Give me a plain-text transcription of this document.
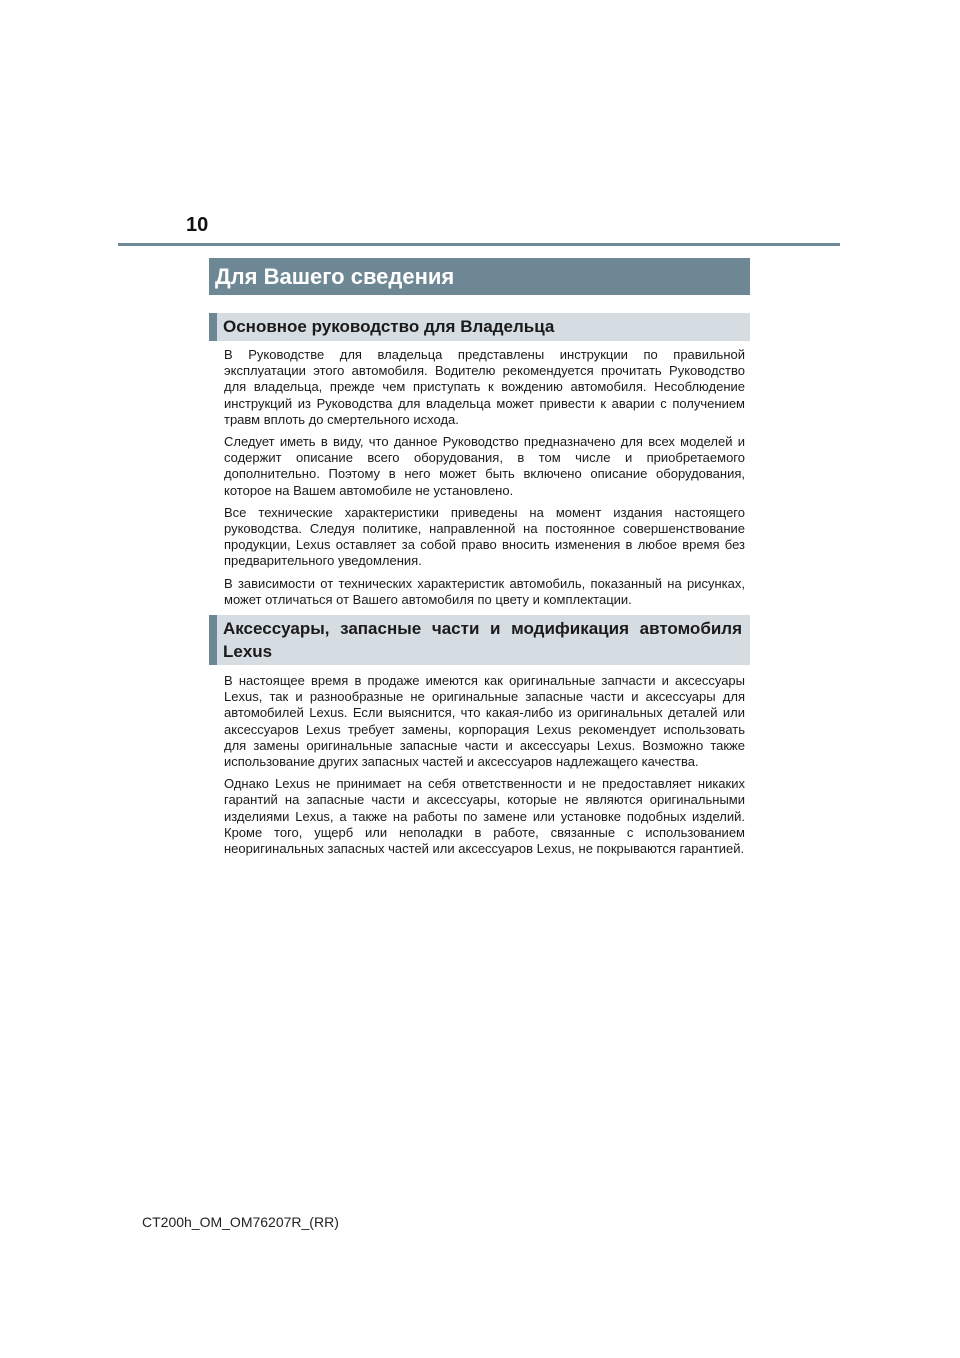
10
Для Вашего сведения
Основное руководство для Владельца

В Руководстве для владельца представлены инструкции по правильной эксплуатации этого автомобиля. Водителю рекомендуется прочитать Руководство для владельца, прежде чем приступать к вождению автомобиля. Несоблюдение инструкций из Руководства для владельца может привести к аварии с получением травм вплоть до смертельного исхода.

Следует иметь в виду, что данное Руководство предназначено для всех моделей и содержит описание всего оборудования, в том числе и приобретаемого дополнительно. Поэтому в него может быть включено описание оборудования, которое на Вашем автомобиле не установлено.

Все технические характеристики приведены на момент издания настоящего руководства. Следуя политике, направленной на постоянное совершенствование продукции, Lexus оставляет за собой право вносить изменения в любое время без предварительного уведомления.

В зависимости от технических характеристик автомобиль, показанный на рисунках, может отличаться от Вашего автомобиля по цвету и комплектации.

Аксессуары, запасные части и модификация автомобиля Lexus

В настоящее время в продаже имеются как оригинальные запчасти и аксессуары Lexus, так и разнообразные не оригинальные запасные части и аксессуары для автомобилей Lexus. Если выяснится, что какая-либо из оригинальных деталей или аксессуаров Lexus требует замены, корпорация Lexus рекомендует использовать для замены оригинальные запасные части и аксессуары Lexus. Возможно также использование других запасных частей и аксессуаров надлежащего качества.

Однако Lexus не принимает на себя ответственности и не предоставляет никаких гарантий на запасные части и аксессуары, которые не являются оригинальными изделиями Lexus, а также на работы по замене или установке подобных изделий. Кроме того, ущерб или неполадки в работе, связанные с использованием неоригинальных запасных частей или аксессуаров Lexus, не покрываются гарантией.

CT200h_OM_OM76207R_(RR)
